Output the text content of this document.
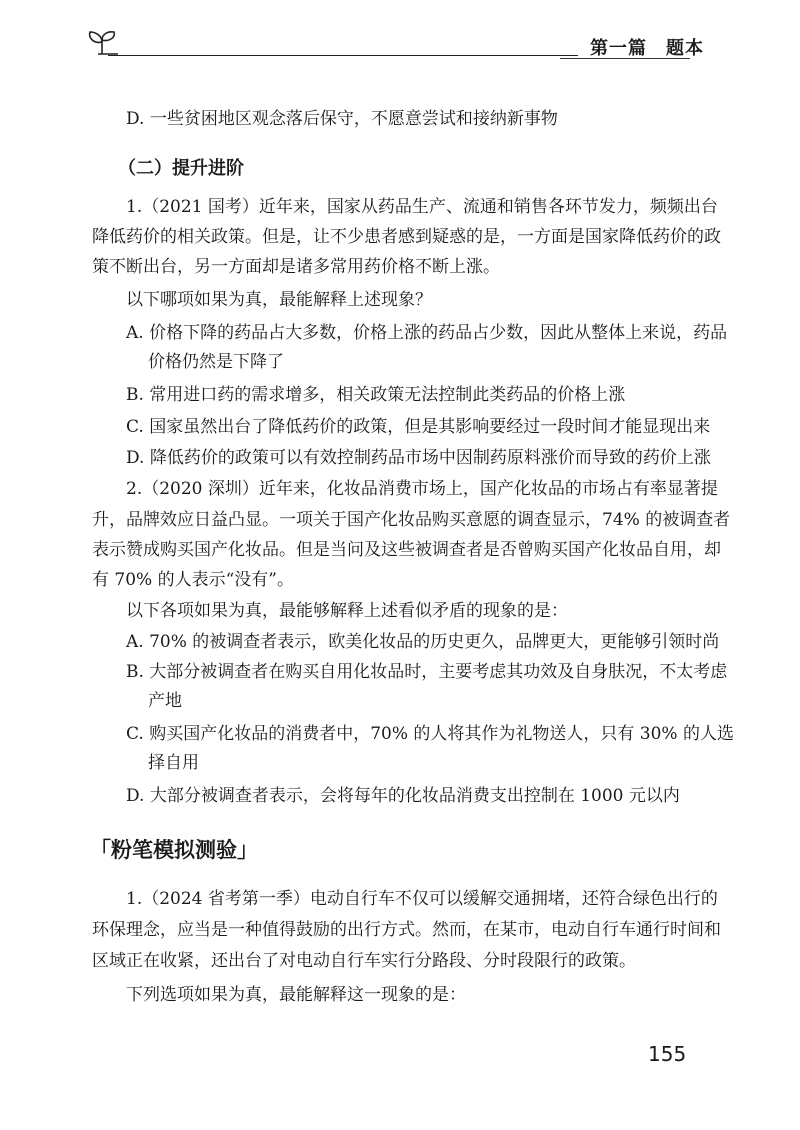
第一篇　题本
D. 一些贫困地区观念落后保守，不愿意尝试和接纳新事物
（二）提升进阶
1.（2021 国考）近年来，国家从药品生产、流通和销售各环节发力，频频出台
降低药价的相关政策。但是，让不少患者感到疑惑的是，一方面是国家降低药价的政
策不断出台，另一方面却是诸多常用药价格不断上涨。
以下哪项如果为真，最能解释上述现象？
A. 价格下降的药品占大多数，价格上涨的药品占少数，因此从整体上来说，药品
价格仍然是下降了
B. 常用进口药的需求增多，相关政策无法控制此类药品的价格上涨
C. 国家虽然出台了降低药价的政策，但是其影响要经过一段时间才能显现出来
D. 降低药价的政策可以有效控制药品市场中因制药原料涨价而导致的药价上涨
2.（2020 深圳）近年来，化妆品消费市场上，国产化妆品的市场占有率显著提
升，品牌效应日益凸显。一项关于国产化妆品购买意愿的调查显示，74% 的被调查者
表示赞成购买国产化妆品。但是当问及这些被调查者是否曾购买国产化妆品自用，却
有 70% 的人表示“没有”。
以下各项如果为真，最能够解释上述看似矛盾的现象的是：
A. 70% 的被调查者表示，欧美化妆品的历史更久，品牌更大，更能够引领时尚
B. 大部分被调查者在购买自用化妆品时，主要考虑其功效及自身肤况，不太考虑
产地
C. 购买国产化妆品的消费者中，70% 的人将其作为礼物送人，只有 30% 的人选
择自用
D. 大部分被调查者表示，会将每年的化妆品消费支出控制在 1000 元以内
「粉笔模拟测验」
1.（2024 省考第一季）电动自行车不仅可以缓解交通拥堵，还符合绿色出行的
环保理念，应当是一种值得鼓励的出行方式。然而，在某市，电动自行车通行时间和
区域正在收紧，还出台了对电动自行车实行分路段、分时段限行的政策。
下列选项如果为真，最能解释这一现象的是：
155
